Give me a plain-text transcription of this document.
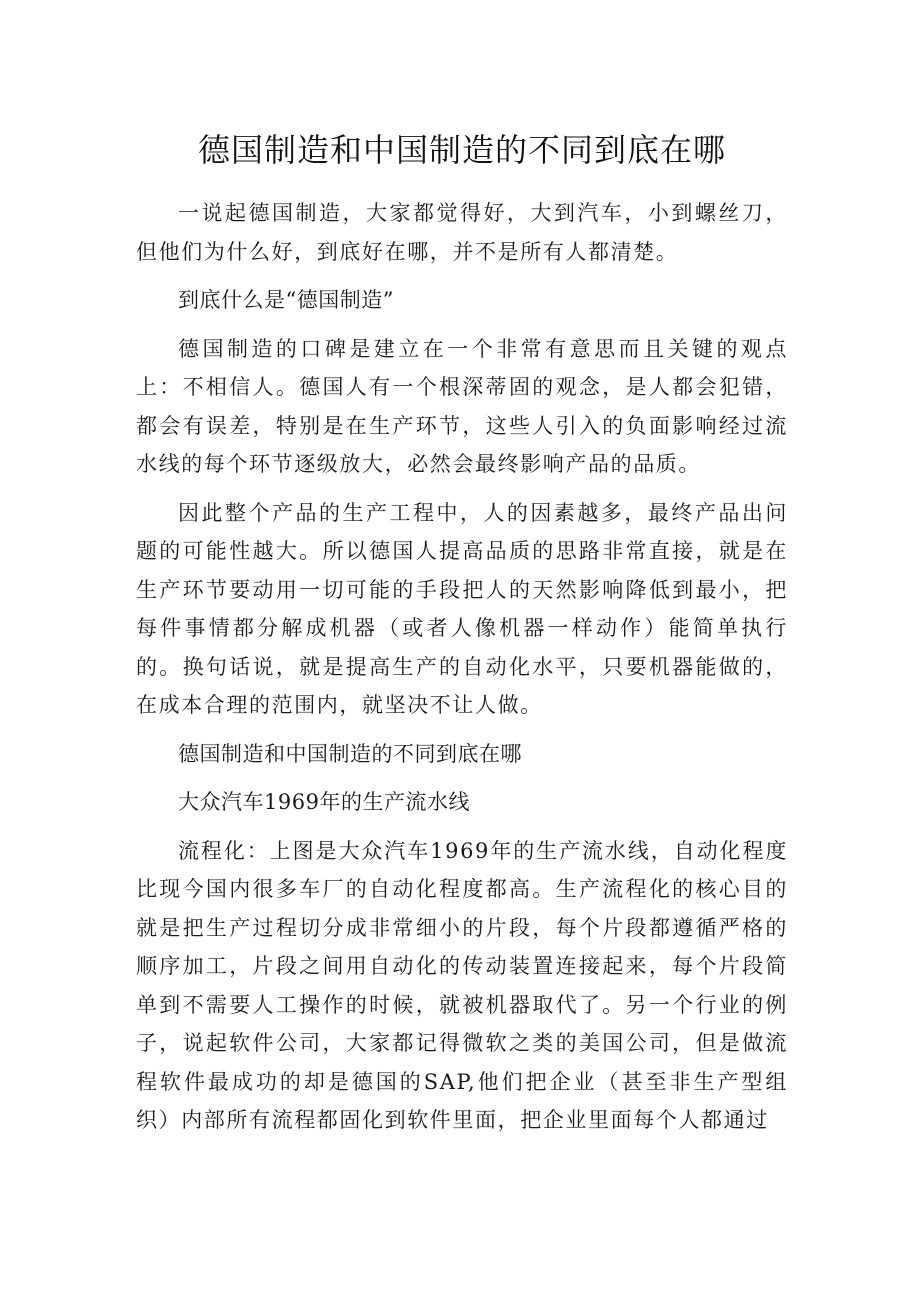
德国制造和中国制造的不同到底在哪

一说起德国制造，大家都觉得好，大到汽车，小到螺丝刀，但他们为什么好，到底好在哪，并不是所有人都清楚。

到底什么是“德国制造”

德国制造的口碑是建立在一个非常有意思而且关键的观点上：不相信人。德国人有一个根深蒂固的观念，是人都会犯错，都会有误差，特别是在生产环节，这些人引入的负面影响经过流水线的每个环节逐级放大，必然会最终影响产品的品质。

因此整个产品的生产工程中，人的因素越多，最终产品出问题的可能性越大。所以德国人提高品质的思路非常直接，就是在生产环节要动用一切可能的手段把人的天然影响降低到最小，把每件事情都分解成机器（或者人像机器一样动作）能简单执行的。换句话说，就是提高生产的自动化水平，只要机器能做的，在成本合理的范围内，就坚决不让人做。

德国制造和中国制造的不同到底在哪

大众汽车1969年的生产流水线

流程化：上图是大众汽车1969年的生产流水线，自动化程度比现今国内很多车厂的自动化程度都高。生产流程化的核心目的就是把生产过程切分成非常细小的片段，每个片段都遵循严格的顺序加工，片段之间用自动化的传动装置连接起来，每个片段简单到不需要人工操作的时候，就被机器取代了。另一个行业的例子，说起软件公司，大家都记得微软之类的美国公司，但是做流程软件最成功的却是德国的SAP,他们把企业（甚至非生产型组织）内部所有流程都固化到软件里面，把企业里面每个人都通过
